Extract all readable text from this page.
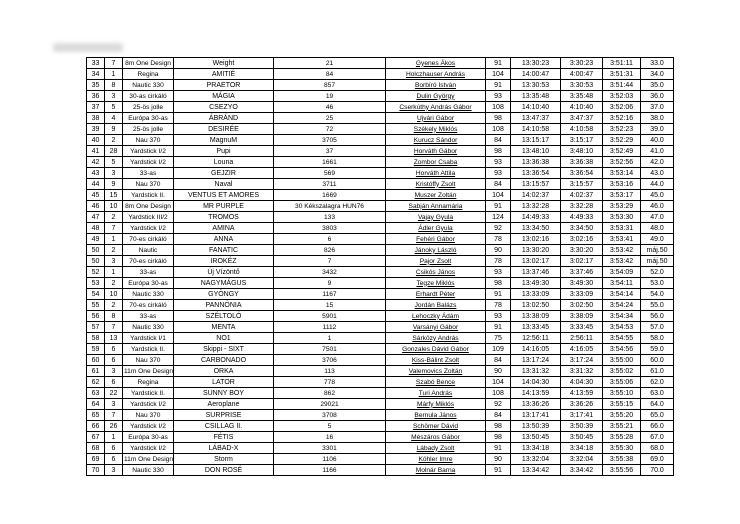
33	7	8m One Design	Weight	21	Gyenes Ákos	91	13:30:23	3:30:23	3:51:11	33.0
34	1	Regina	AMITIÉ	84	Holczhauser András	104	14:00:47	4:00:47	3:51:31	34.0
35	8	Nautic 330	PRAETOR	857	Borbíró István	91	13:30:53	3:30:53	3:51:44	35.0
36	3	30-as cirkáló	MÁGIA	19	Dulin György	93	13:35:48	3:35:48	3:52:03	36.0
37	5	25-ös jolle	CSEZYO	46	Cserkúthy András Gábor	108	14:10:40	4:10:40	3:52:06	37.0
38	4	Európa 30-as	ÁBRÁND	25	Ujvári Gábor	98	13:47:37	3:47:37	3:52:16	38.0
39	9	25-ös jolle	DESIRÉE	72	Székely Miklós	108	14:10:58	4:10:58	3:52:23	39.0
40	2	Nau 370	MagnuM	3705	Kurucz Sándor	84	13:15:17	3:15:17	3:52:29	40.0
41	28	Yardstick I/2	Pupi	37	Horváth Gábor	98	13:48:10	3:48:10	3:52:49	41.0
42	5	Yardstick I/2	Louna	1661	Zombor Csaba	93	13:36:38	3:36:38	3:52:56	42.0
43	3	33-as	GEJZIR	569	Horváth Attila	93	13:36:54	3:36:54	3:53:14	43.0
44	9	Nau 370	Naval	3711	Kristóffy Zsolt	84	13:15:57	3:15:57	3:53:16	44.0
45	15	Yardstick II.	VENTUS ET AMORES	1669	Muszer Zoltán	104	14:02:37	4:02:37	3:53:17	45.0
46	10	8m One Design	MR PURPLE	30 Kékszalagra HUN76	Sabján Annamária	91	13:32:28	3:32:28	3:53:29	46.0
47	2	Yardstick III/2	TROMOS	133	Vajay Gyula	124	14:49:33	4:49:33	3:53:30	47.0
48	7	Yardstick I/2	AMINA	3803	Ádler Gyula	92	13:34:50	3:34:50	3:53:31	48.0
49	1	70-es cirkáló	ANNA	6	Fehéri Gábor	78	13:02:16	3:02:16	3:53:41	49.0
50	2	Nautic	FANATIC	826	Jánoky László	90	13:30:20	3:30:20	3:53:42	máj.50
50	3	70-es cirkáló	IROKÉZ	7	Pajor Zsolt	78	13:02:17	3:02:17	3:53:42	máj.50
52	1	33-as	Új Vízöntő	3432	Csikós János	93	13:37:46	3:37:46	3:54:09	52.0
53	2	Európa 30-as	NAGYMÁGUS	9	Tegze Miklós	98	13:49:30	3:49:30	3:54:11	53.0
54	10	Nautic 330	GYÖNGY	1167	Erhardt Péter	91	13:33:09	3:33:09	3:54:14	54.0
55	2	70-es cirkáló	PANNÓNIA	15	Jordán Balázs	78	13:02:50	3:02:50	3:54:24	55.0
56	8	33-as	SZÉLTOLÓ	5901	Lehoczky Ádám	93	13:38:09	3:38:09	3:54:34	56.0
57	7	Nautic 330	MENTA	1112	Varsányi Gábor	91	13:33:45	3:33:45	3:54:53	57.0
58	13	Yardstick I/1	NO1	1	Sárközy András	75	12:56:11	2:56:11	3:54:55	58.0
59	6	Yardstick II.	Skippi - SIXT	7501	Gonzales Dávid Gábor	109	14:16:05	4:16:05	3:54:56	59.0
60	6	Nau 370	CARBONADO	3706	Kiss-Bálint Zsolt	84	13:17:24	3:17:24	3:55:00	60.0
61	3	11m One Design	ORKA	113	Valemovics Zoltán	90	13:31:32	3:31:32	3:55:02	61.0
62	6	Regina	LATOR	778	Szabó Bence	104	14:04:30	4:04:30	3:55:06	62.0
63	22	Yardstick II.	SUNNY BOY	862	Turi András	108	14:13:59	4:13:59	3:55:10	63.0
64	3	Yardstick I/2	Aeroplane	29021	Márfy Miklós	92	13:36:26	3:36:26	3:55:15	64.0
65	7	Nau 370	SURPRISE	3708	Bernula János	84	13:17:41	3:17:41	3:55:20	65.0
66	26	Yardstick I/2	CSILLAG II.	5	Schömer Dávid	98	13:50:39	3:50:39	3:55:21	66.0
67	1	Európa 30-as	FÉTIS	16	Mészáros Gábor	98	13:50:45	3:50:45	3:55:28	67.0
68	6	Yardstick I/2	LÁBAD-X	3301	Lábady Zsolt	91	13:34:18	3:34:18	3:55:30	68.0
69	6	11m One Design	Storm	1106	Köhler Imre	90	13:32:04	3:32:04	3:55:38	69.0
70	3	Nautic 330	DON ROSÉ	1166	Molnár Barna	91	13:34:42	3:34:42	3:55:56	70.0
